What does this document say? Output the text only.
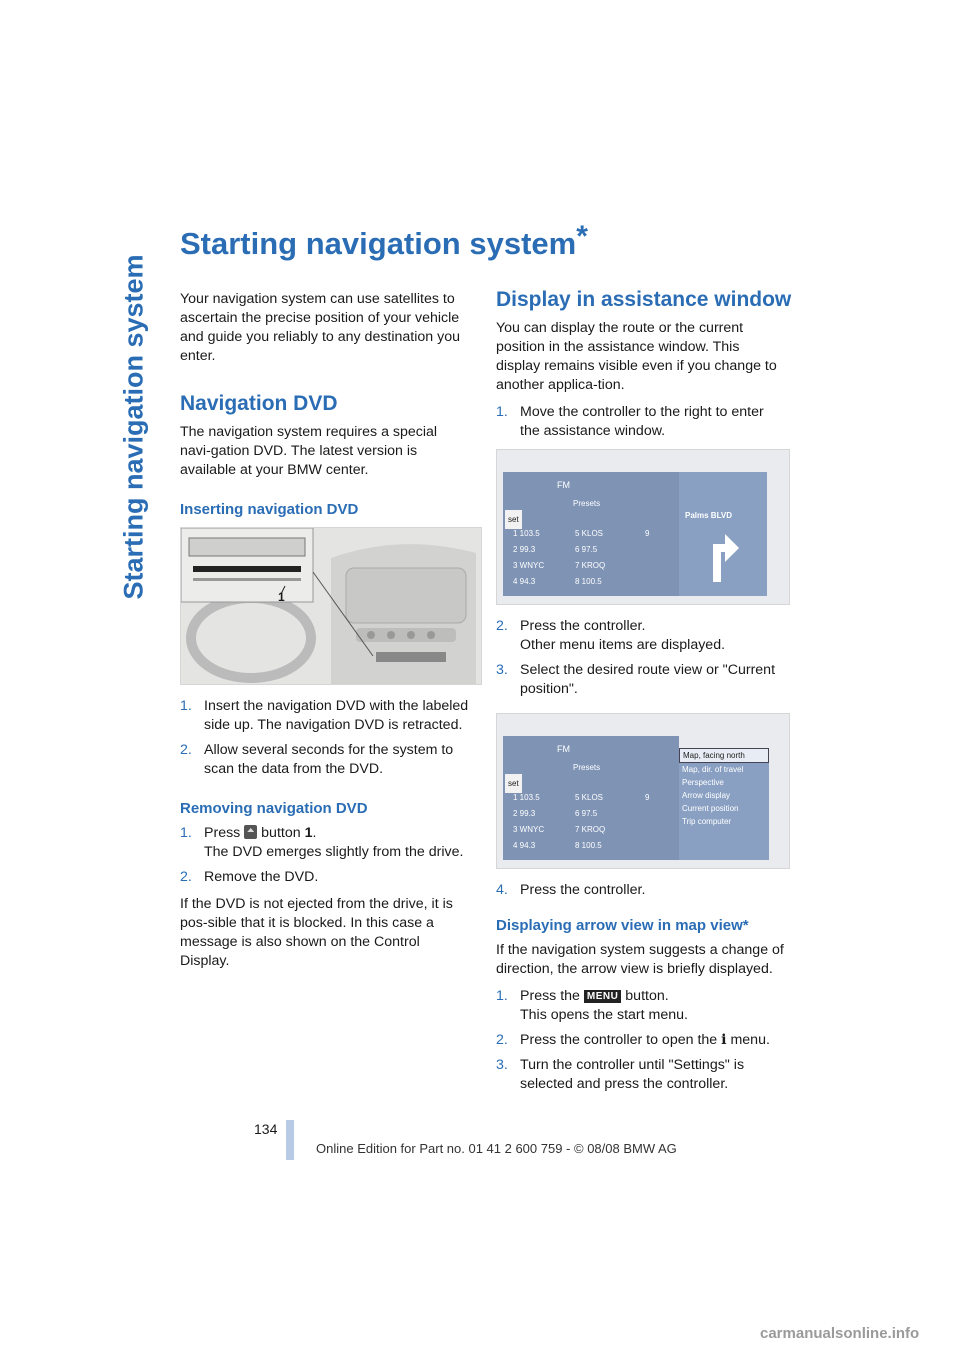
Starting navigation system
Starting navigation system*

Your navigation system can use satellites to ascertain the precise position of your vehicle and guide you reliably to any destination you enter.

Navigation DVD

The navigation system requires a special navi-gation DVD. The latest version is available at your BMW center.

Inserting navigation DVD
1
1. Insert the navigation DVD with the labeled side up. The navigation DVD is retracted.
2. Allow several seconds for the system to scan the data from the DVD.
Removing navigation DVD
1. Press button 1.
The DVD emerges slightly from the drive.
2. Remove the DVD.

If the DVD is not ejected from the drive, it is pos-sible that it is blocked. In this case a message is also shown on the Control Display.

Display in assistance window

You can display the route or the current position in the assistance window. This display remains visible even if you change to another applica-tion.

1. Move the controller to the right to enter the assistance window.
FM
Presets
set
1 103.5	5 KLOS	9
2 99.3	6 97.5
3 WNYC	7 KROQ
4 94.3	8 100.5
Palms BLVD
2. Press the controller.
Other menu items are displayed.
3. Select the desired route view or "Current position".
FM
Presets
set
1 103.5	5 KLOS	9
2 99.3	6 97.5
3 WNYC	7 KROQ
4 94.3	8 100.5
Map, facing north
Map, dir. of travel
Perspective
Arrow display
Current position
Trip computer
4. Press the controller.
Displaying arrow view in map view*

If the navigation system suggests a change of direction, the arrow view is briefly displayed.

1. Press the MENU button.
This opens the start menu.
2. Press the controller to open the i menu.
3. Turn the controller until "Settings" is selected and press the controller.
134
Online Edition for Part no. 01 41 2 600 759 - © 08/08 BMW AG
carmanualsonline.info
